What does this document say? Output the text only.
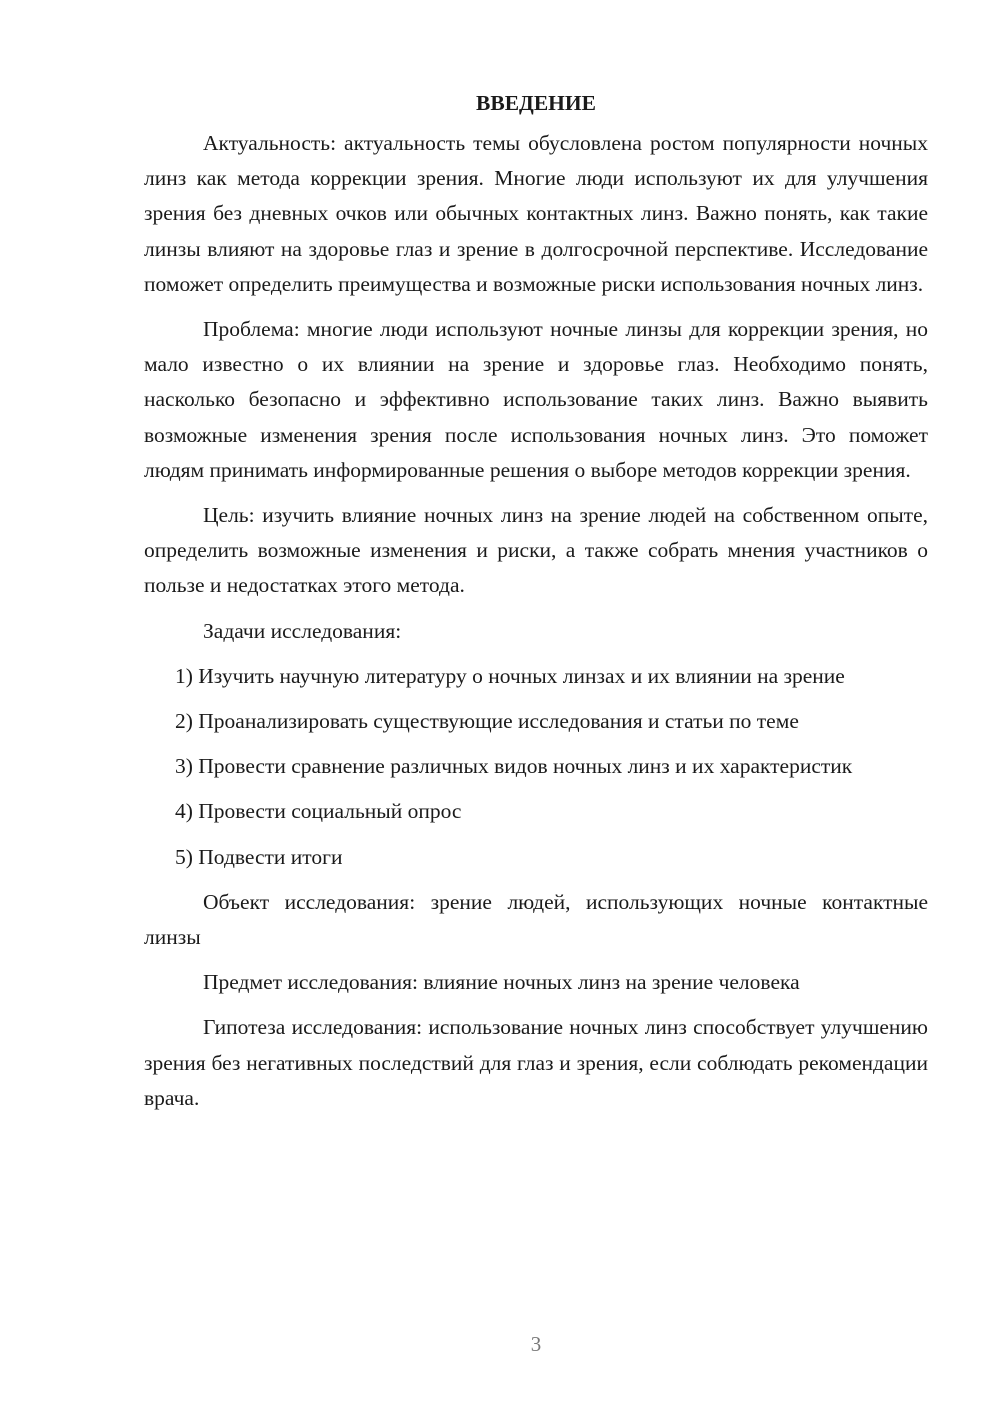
ВВЕДЕНИЕ

Актуальность: актуальность темы обусловлена ростом популярности ночных линз как метода коррекции зрения. Многие люди используют их для улучшения зрения без дневных очков или обычных контактных линз. Важно понять, как такие линзы влияют на здоровье глаз и зрение в долгосрочной перспективе. Исследование поможет определить преимущества и возможные риски использования ночных линз.

Проблема: многие люди используют ночные линзы для коррекции зрения, но мало известно о их влиянии на зрение и здоровье глаз. Необходимо понять, насколько безопасно и эффективно использование таких линз. Важно выявить возможные изменения зрения после использования ночных линз. Это поможет людям принимать информированные решения о выборе методов коррекции зрения.

Цель: изучить влияние ночных линз на зрение людей на собственном опыте, определить возможные изменения и риски, а также собрать мнения участников о пользе и недостатках этого метода.

Задачи исследования:

1) Изучить научную литературу о ночных линзах и их влиянии на зрение

2) Проанализировать существующие исследования и статьи по теме

3) Провести сравнение различных видов ночных линз и их характеристик

4) Провести социальный опрос

5) Подвести итоги

Объект исследования: зрение людей, использующих ночные контактные линзы

Предмет исследования: влияние ночных линз на зрение человека

Гипотеза исследования: использование ночных линз способствует улучшению зрения без негативных последствий для глаз и зрения, если соблюдать рекомендации врача.

3
